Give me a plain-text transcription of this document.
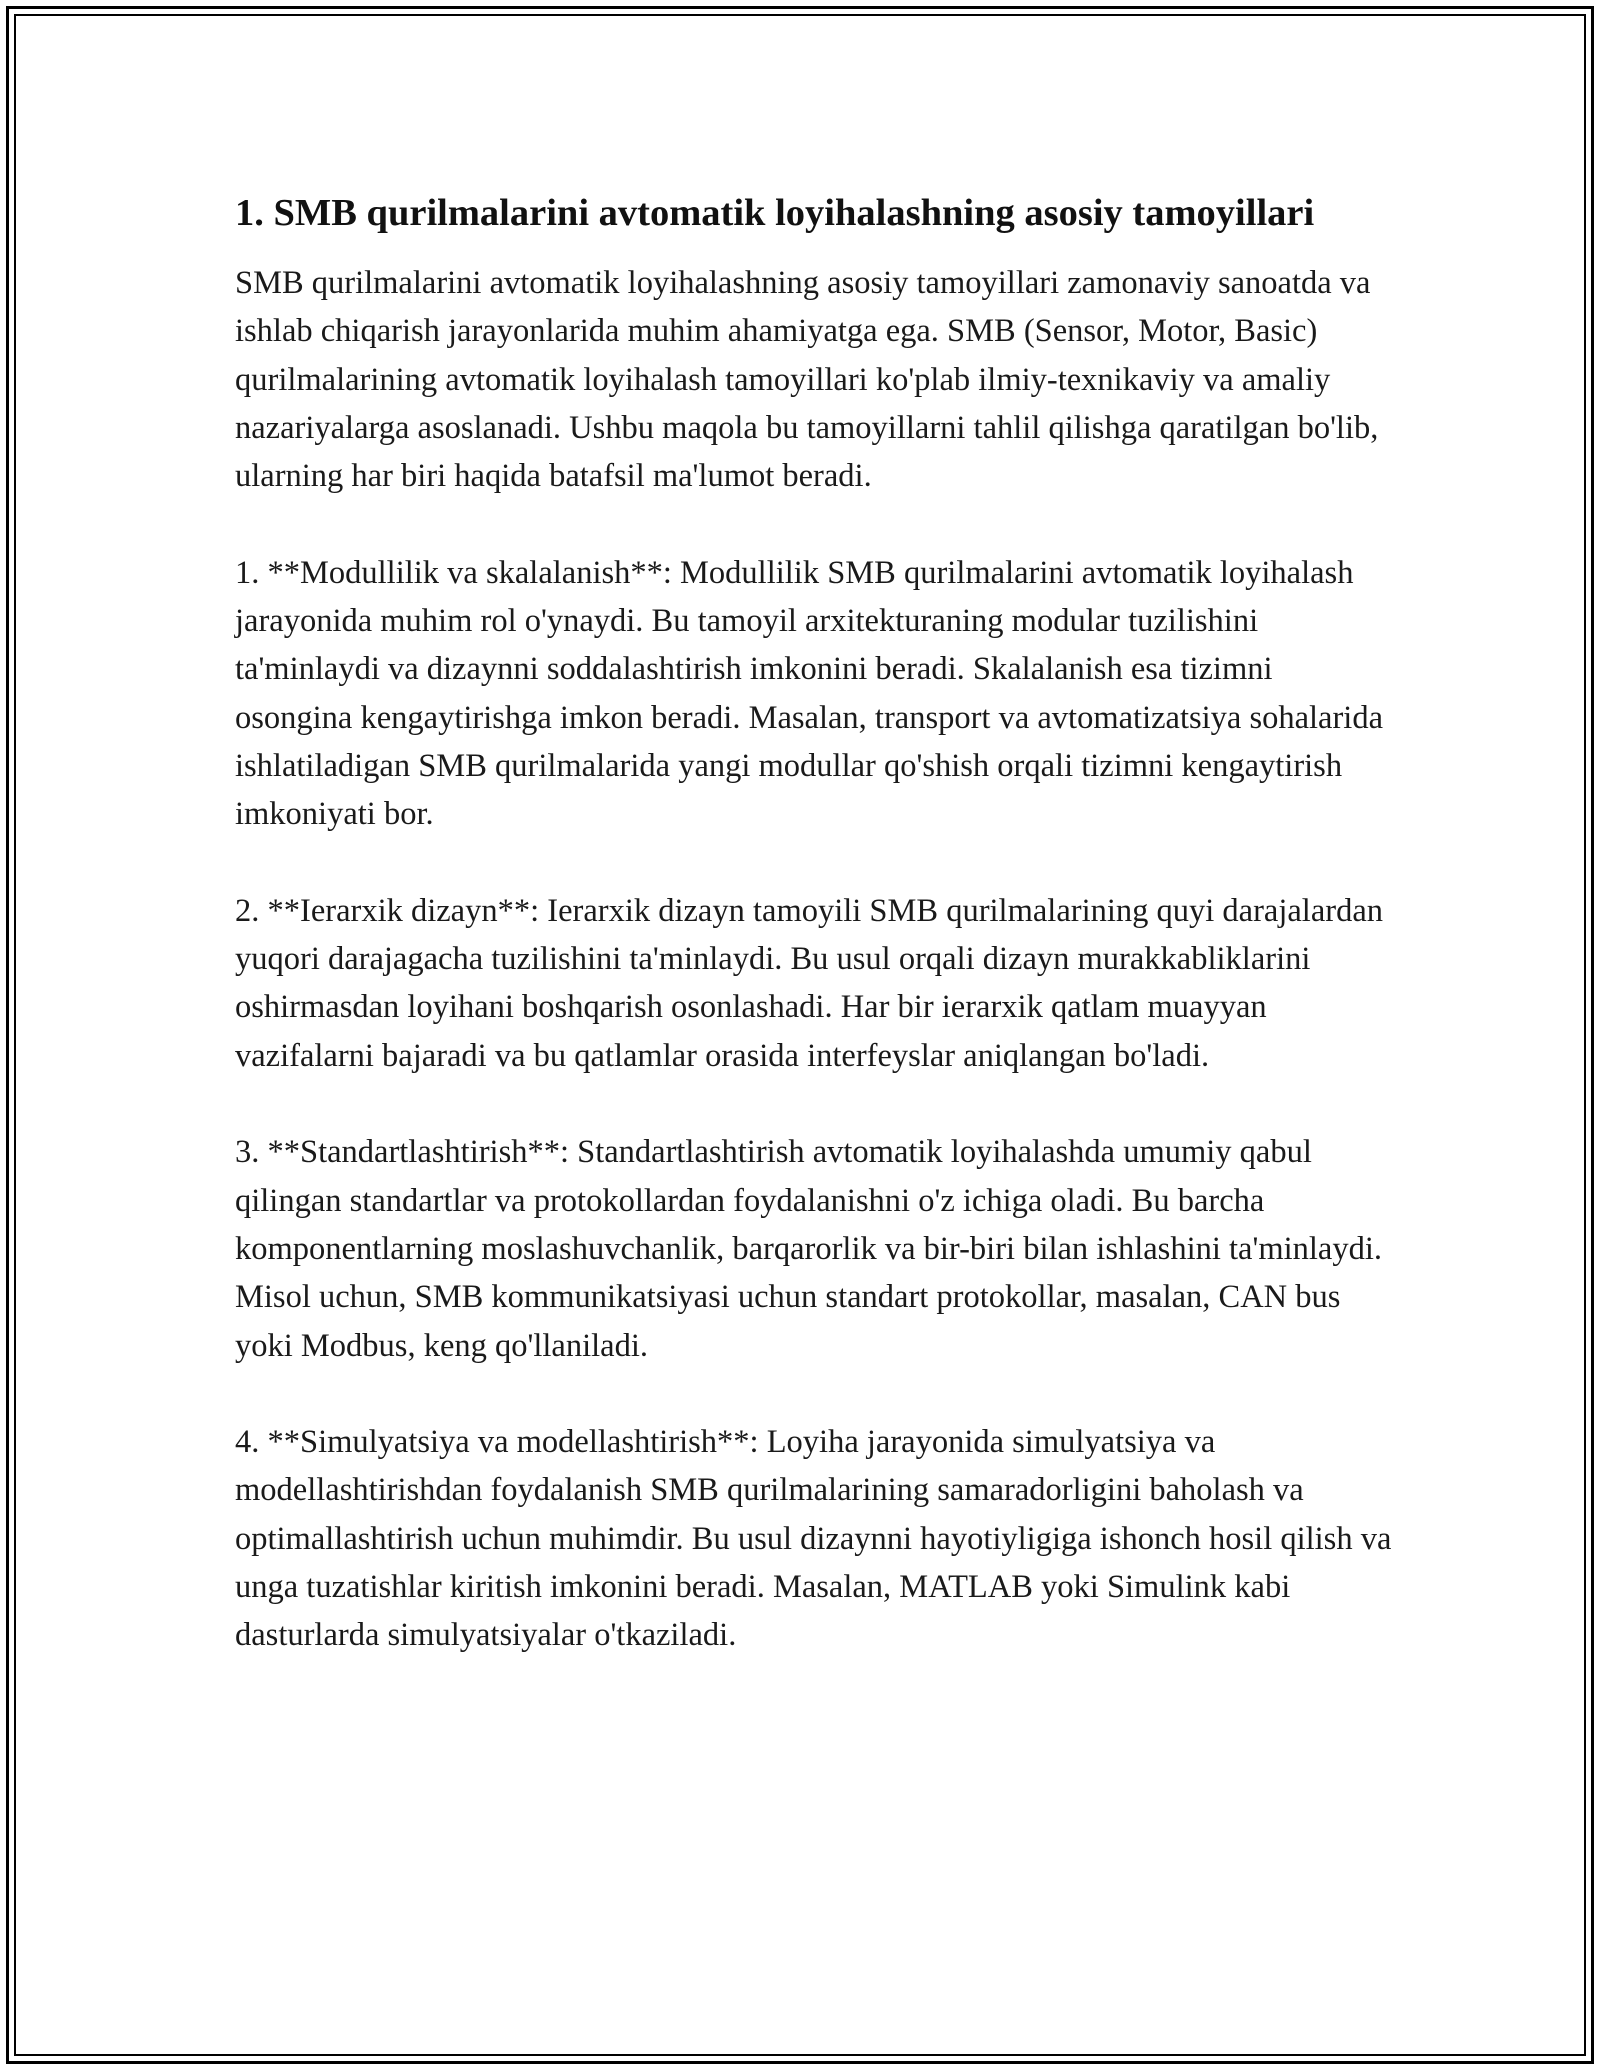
1. SMB qurilmalarini avtomatik loyihalashning asosiy tamoyillari

SMB qurilmalarini avtomatik loyihalashning asosiy tamoyillari zamonaviy sanoatda va ishlab chiqarish jarayonlarida muhim ahamiyatga ega. SMB (Sensor, Motor, Basic) qurilmalarining avtomatik loyihalash tamoyillari ko'plab ilmiy-texnikaviy va amaliy nazariyalarga asoslanadi. Ushbu maqola bu tamoyillarni tahlil qilishga qaratilgan bo'lib, ularning har biri haqida batafsil ma'lumot beradi.

1. **Modullilik va skalalanish**: Modullilik SMB qurilmalarini avtomatik loyihalash jarayonida muhim rol o'ynaydi. Bu tamoyil arxitekturaning modular tuzilishini ta'minlaydi va dizaynni soddalashtirish imkonini beradi. Skalalanish esa tizimni osongina kengaytirishga imkon beradi. Masalan, transport va avtomatizatsiya sohalarida ishlatiladigan SMB qurilmalarida yangi modullar qo'shish orqali tizimni kengaytirish imkoniyati bor.

2. **Ierarxik dizayn**: Ierarxik dizayn tamoyili SMB qurilmalarining quyi darajalardan yuqori darajagacha tuzilishini ta'minlaydi. Bu usul orqali dizayn murakkabliklarini oshirmasdan loyihani boshqarish osonlashadi. Har bir ierarxik qatlam muayyan vazifalarni bajaradi va bu qatlamlar orasida interfeyslar aniqlangan bo'ladi.

3. **Standartlashtirish**: Standartlashtirish avtomatik loyihalashda umumiy qabul qilingan standartlar va protokollardan foydalanishni o'z ichiga oladi. Bu barcha komponentlarning moslashuvchanlik, barqarorlik va bir-biri bilan ishlashini ta'minlaydi. Misol uchun, SMB kommunikatsiyasi uchun standart protokollar, masalan, CAN bus yoki Modbus, keng qo'llaniladi.

4. **Simulyatsiya va modellashtirish**: Loyiha jarayonida simulyatsiya va modellashtirishdan foydalanish SMB qurilmalarining samaradorligini baholash va optimallashtirish uchun muhimdir. Bu usul dizaynni hayotiyligiga ishonch hosil qilish va unga tuzatishlar kiritish imkonini beradi. Masalan, MATLAB yoki Simulink kabi dasturlarda simulyatsiyalar o'tkaziladi.
